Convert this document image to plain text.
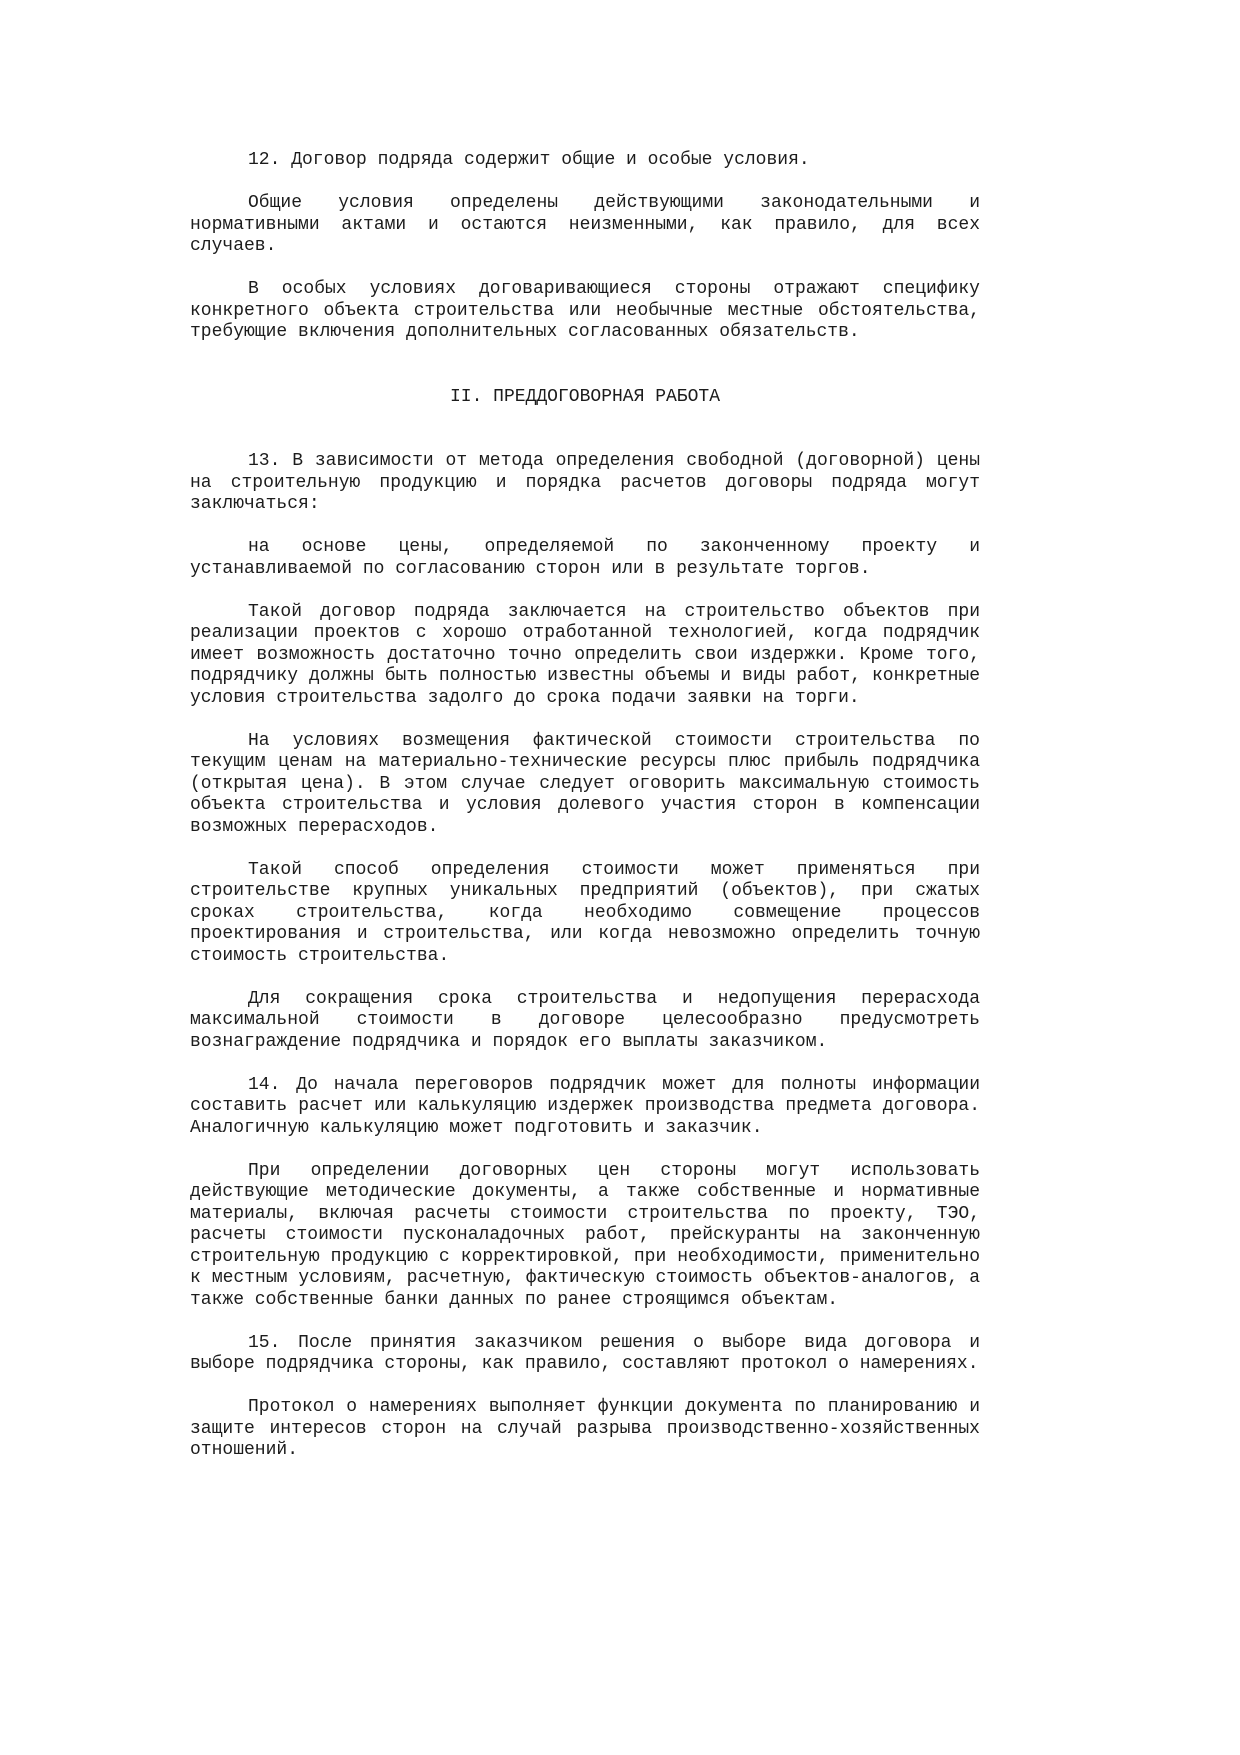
12. Договор подряда содержит общие и особые условия.

Общие условия определены действующими законодательными и нормативными актами и остаются неизменными, как правило, для всех случаев.

В особых условиях договаривающиеся стороны отражают специфику конкретного объекта строительства или необычные местные обстоятельства, требующие включения дополнительных согласованных обязательств.

II. ПРЕДДОГОВОРНАЯ РАБОТА

13. В зависимости от метода определения свободной (договорной) цены на строительную продукцию и порядка расчетов договоры подряда могут заключаться:

на основе цены, определяемой по законченному проекту и устанавливаемой по согласованию сторон или в результате торгов.

Такой договор подряда заключается на строительство объектов при реализации проектов с хорошо отработанной технологией, когда подрядчик имеет возможность достаточно точно определить свои издержки. Кроме того, подрядчику должны быть полностью известны объемы и виды работ, конкретные условия строительства задолго до срока подачи заявки на торги.

На условиях возмещения фактической стоимости строительства по текущим ценам на материально-технические ресурсы плюс прибыль подрядчика (открытая цена). В этом случае следует оговорить максимальную стоимость объекта строительства и условия долевого участия сторон в компенсации возможных перерасходов.

Такой способ определения стоимости может применяться при строительстве крупных уникальных предприятий (объектов), при сжатых сроках строительства, когда необходимо совмещение процессов проектирования и строительства, или когда невозможно определить точную стоимость строительства.

Для сокращения срока строительства и недопущения перерасхода максимальной стоимости в договоре целесообразно предусмотреть вознаграждение подрядчика и порядок его выплаты заказчиком.

14. До начала переговоров подрядчик может для полноты информации составить расчет или калькуляцию издержек производства предмета договора. Аналогичную калькуляцию может подготовить и заказчик.

При определении договорных цен стороны могут использовать действующие методические документы, а также собственные и нормативные материалы, включая расчеты стоимости строительства по проекту, ТЭО, расчеты стоимости пусконаладочных работ, прейскуранты на законченную строительную продукцию с корректировкой, при необходимости, применительно к местным условиям, расчетную, фактическую стоимость объектов-аналогов, а также собственные банки данных по ранее строящимся объектам.

15. После принятия заказчиком решения о выборе вида договора и выборе подрядчика стороны, как правило, составляют протокол о намерениях.

Протокол о намерениях выполняет функции документа по планированию и защите интересов сторон на случай разрыва производственно-хозяйственных отношений.
